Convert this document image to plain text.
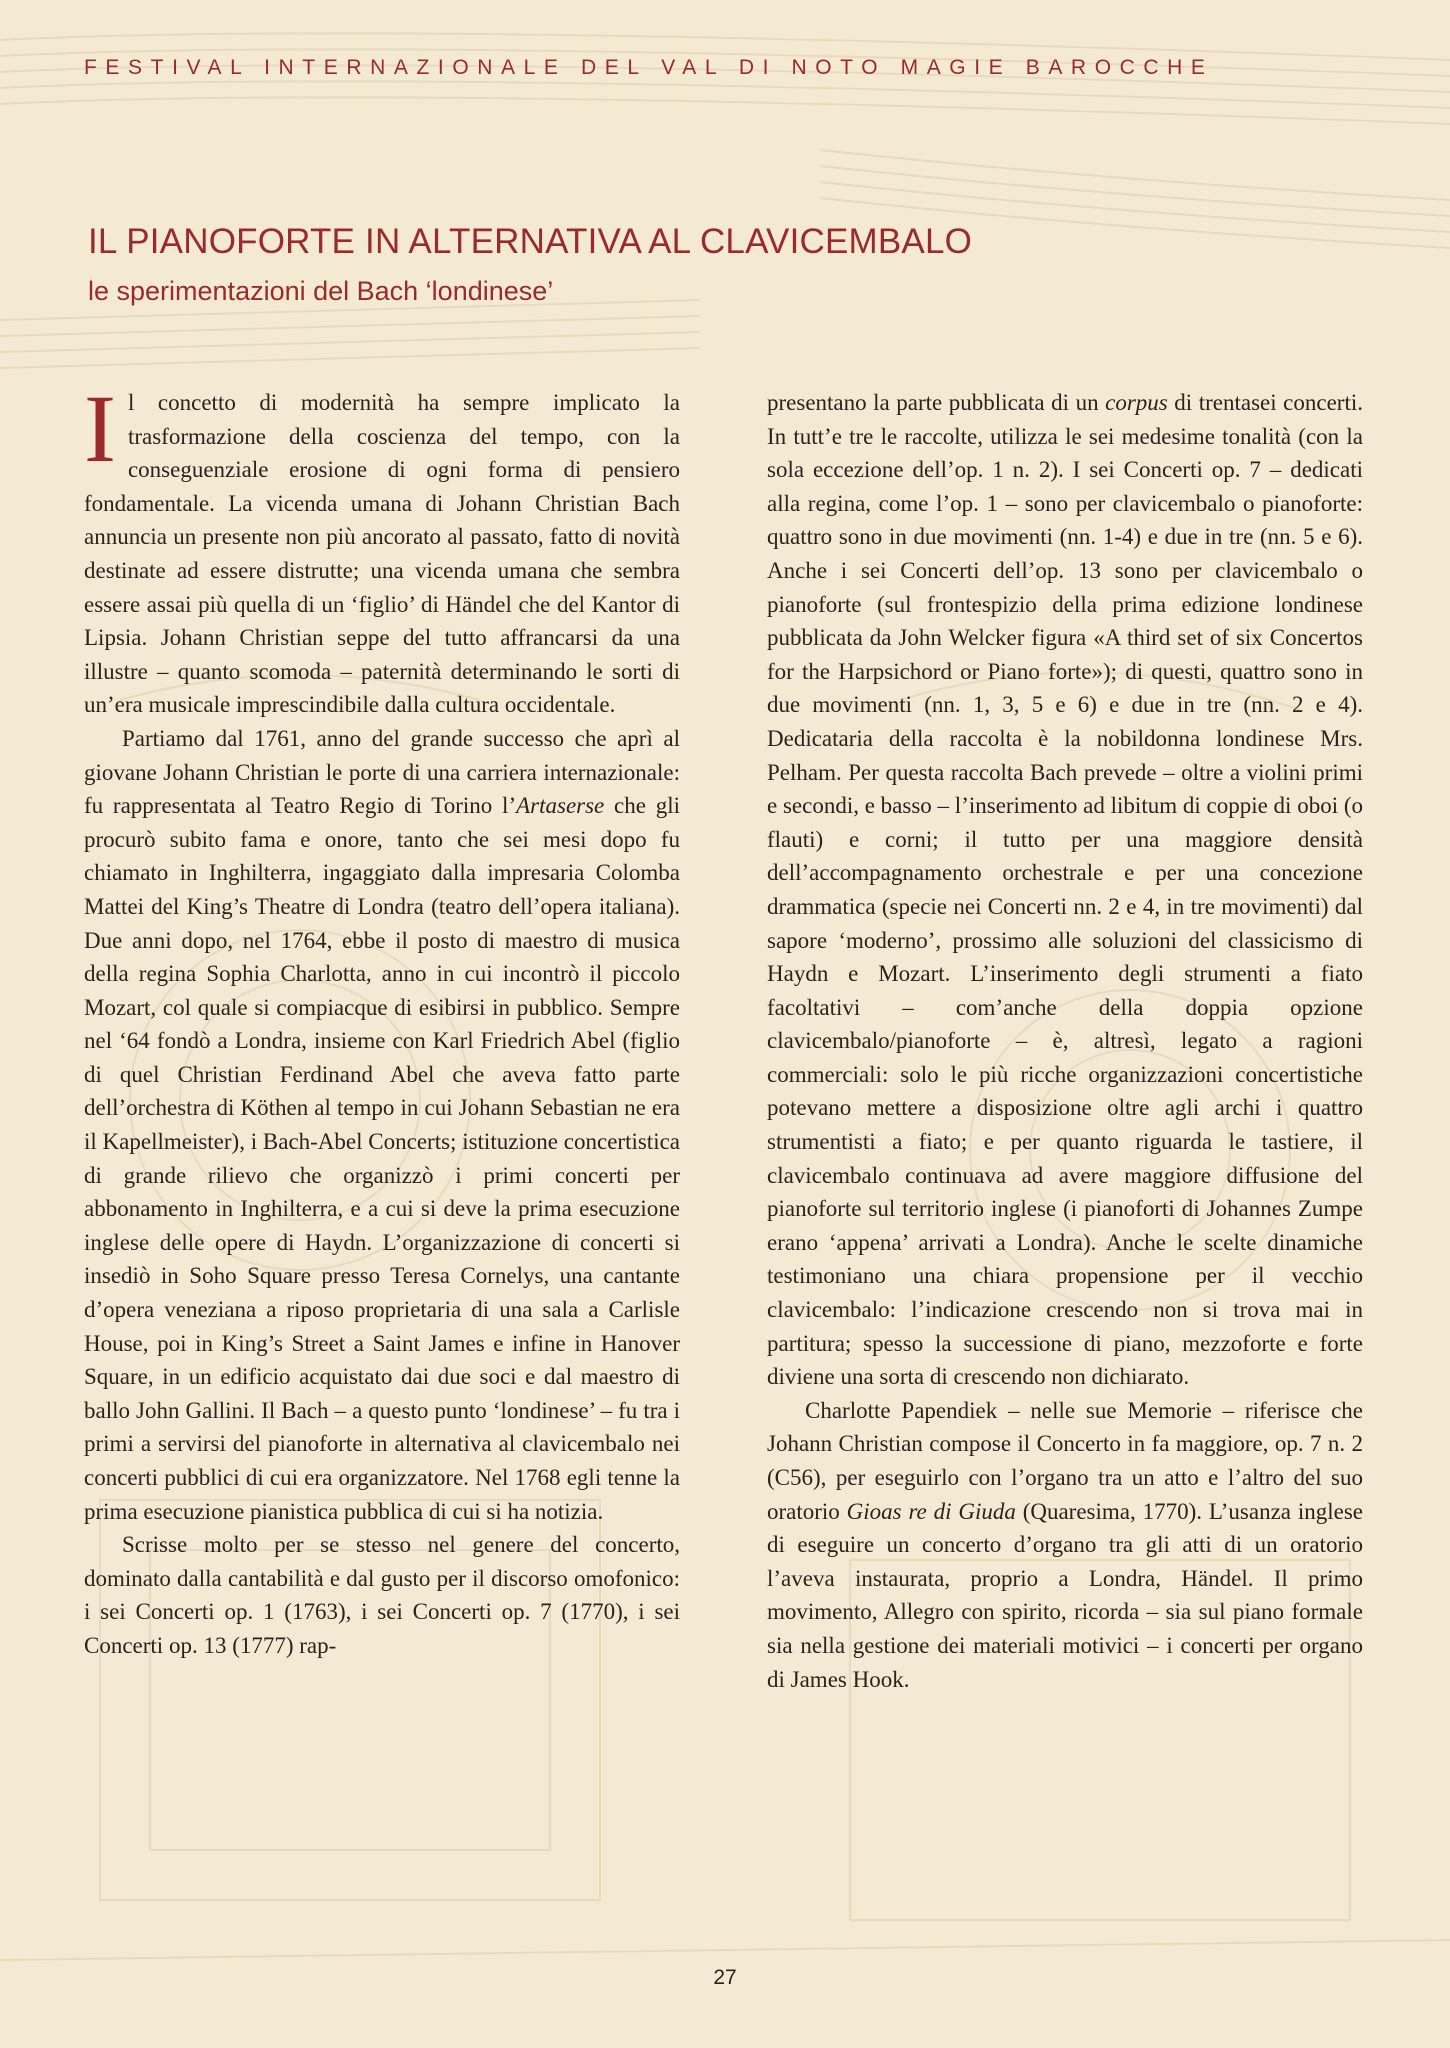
FESTIVAL INTERNAZIONALE DEL VAL DI NOTO MAGIE BAROCCHE
IL PIANOFORTE IN ALTERNATIVA AL CLAVICEMBALO
le sperimentazioni del Bach ‘londinese’

Il concetto di modernità ha sempre implicato la trasformazione della coscienza del tempo, con la conseguenziale erosione di ogni forma di pensiero fondamentale. La vicenda umana di Johann Christian Bach annuncia un presente non più ancorato al passato, fatto di novità destinate ad essere distrutte; una vicenda umana che sembra essere assai più quella di un ‘figlio’ di Händel che del Kantor di Lipsia. Johann Christian seppe del tutto affrancarsi da una illustre – quanto scomoda – paternità determinando le sorti di un’era musicale imprescindibile dalla cultura occidentale.

Partiamo dal 1761, anno del grande successo che aprì al giovane Johann Christian le porte di una carriera internazionale: fu rappresentata al Teatro Regio di Torino l’Artaserse che gli procurò subito fama e onore, tanto che sei mesi dopo fu chiamato in Inghilterra, ingaggiato dalla impresaria Colomba Mattei del King’s Theatre di Londra (teatro dell’opera italiana). Due anni dopo, nel 1764, ebbe il posto di maestro di musica della regina Sophia Charlotta, anno in cui incontrò il piccolo Mozart, col quale si compiacque di esibirsi in pubblico. Sempre nel ‘64 fondò a Londra, insieme con Karl Friedrich Abel (figlio di quel Christian Ferdinand Abel che aveva fatto parte dell’orchestra di Köthen al tempo in cui Johann Sebastian ne era il Kapellmeister), i Bach-Abel Concerts; istituzione concertistica di grande rilievo che organizzò i primi concerti per abbonamento in Inghilterra, e a cui si deve la prima esecuzione inglese delle opere di Haydn. L’organizzazione di concerti si insediò in Soho Square presso Teresa Cornelys, una cantante d’opera veneziana a riposo proprietaria di una sala a Carlisle House, poi in King’s Street a Saint James e infine in Hanover Square, in un edificio acquistato dai due soci e dal maestro di ballo John Gallini. Il Bach – a questo punto ‘londinese’ – fu tra i primi a servirsi del pianoforte in alternativa al clavicembalo nei concerti pubblici di cui era organizzatore. Nel 1768 egli tenne la prima esecuzione pianistica pubblica di cui si ha notizia.

Scrisse molto per se stesso nel genere del concerto, dominato dalla cantabilità e dal gusto per il discorso omofonico: i sei Concerti op. 1 (1763), i sei Concerti op. 7 (1770), i sei Concerti op. 13 (1777) rap-

presentano la parte pubblicata di un corpus di trentasei concerti. In tutt’e tre le raccolte, utilizza le sei medesime tonalità (con la sola eccezione dell’op. 1 n. 2). I sei Concerti op. 7 – dedicati alla regina, come l’op. 1 – sono per clavicembalo o pianoforte: quattro sono in due movimenti (nn. 1-4) e due in tre (nn. 5 e 6). Anche i sei Concerti dell’op. 13 sono per clavicembalo o pianoforte (sul frontespizio della prima edizione londinese pubblicata da John Welcker figura «A third set of six Concertos for the Harpsichord or Piano forte»); di questi, quattro sono in due movimenti (nn. 1, 3, 5 e 6) e due in tre (nn. 2 e 4). Dedicataria della raccolta è la nobildonna londinese Mrs. Pelham. Per questa raccolta Bach prevede – oltre a violini primi e secondi, e basso – l’inserimento ad libitum di coppie di oboi (o flauti) e corni; il tutto per una maggiore densità dell’accompagnamento orchestrale e per una concezione drammatica (specie nei Concerti nn. 2 e 4, in tre movimenti) dal sapore ‘moderno’, prossimo alle soluzioni del classicismo di Haydn e Mozart. L’inserimento degli strumenti a fiato facoltativi – com’anche della doppia opzione clavicembalo/pianoforte – è, altresì, legato a ragioni commerciali: solo le più ricche organizzazioni concertistiche potevano mettere a disposizione oltre agli archi i quattro strumentisti a fiato; e per quanto riguarda le tastiere, il clavicembalo continuava ad avere maggiore diffusione del pianoforte sul territorio inglese (i pianoforti di Johannes Zumpe erano ‘appena’ arrivati a Londra). Anche le scelte dinamiche testimoniano una chiara propensione per il vecchio clavicembalo: l’indicazione crescendo non si trova mai in partitura; spesso la successione di piano, mezzoforte e forte diviene una sorta di crescendo non dichiarato.

Charlotte Papendiek – nelle sue Memorie – riferisce che Johann Christian compose il Concerto in fa maggiore, op. 7 n. 2 (C56), per eseguirlo con l’organo tra un atto e l’altro del suo oratorio Gioas re di Giuda (Quaresima, 1770). L’usanza inglese di eseguire un concerto d’organo tra gli atti di un oratorio l’aveva instaurata, proprio a Londra, Händel. Il primo movimento, Allegro con spirito, ricorda – sia sul piano formale sia nella gestione dei materiali motivici – i concerti per organo di James Hook.

27
